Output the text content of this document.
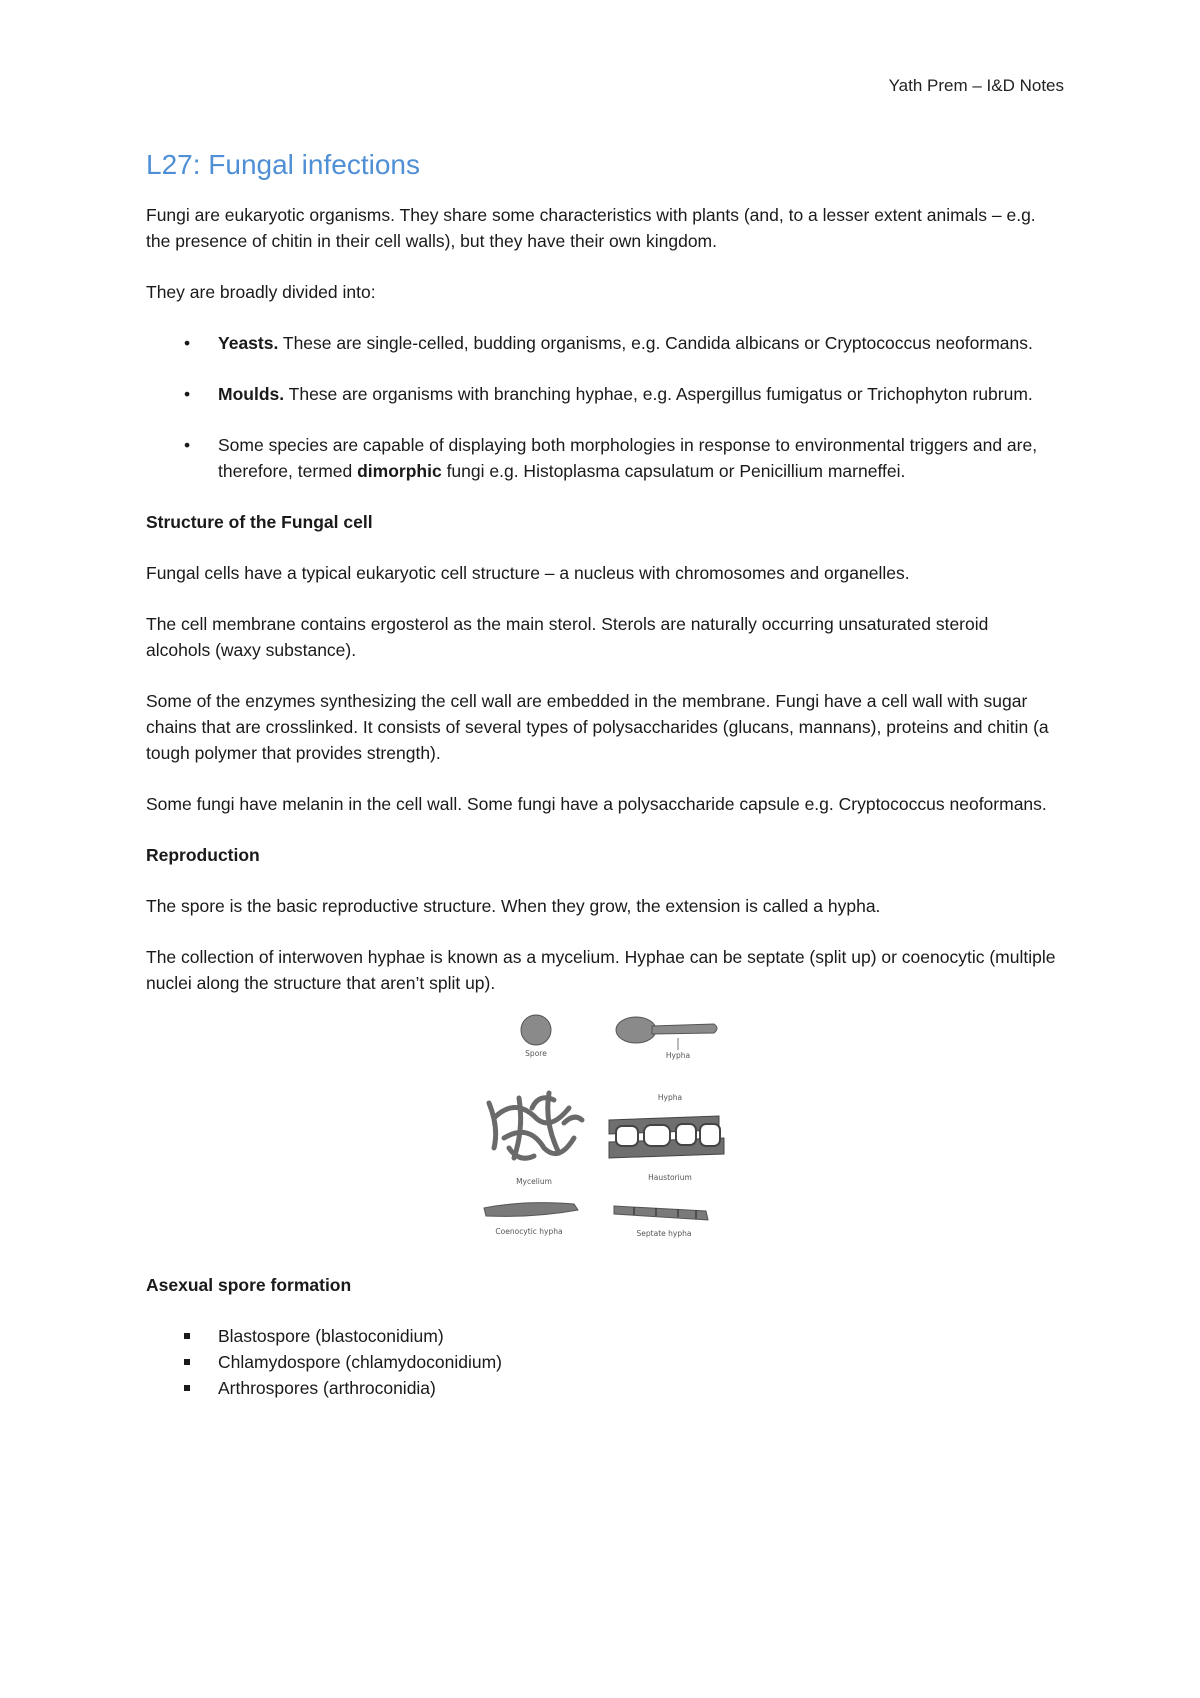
Yath Prem – I&D Notes
L27: Fungal infections

Fungi are eukaryotic organisms. They share some characteristics with plants (and, to a lesser extent animals – e.g. the presence of chitin in their cell walls), but they have their own kingdom.

They are broadly divided into:

• Yeasts. These are single-celled, budding organisms, e.g. Candida albicans or Cryptococcus neoformans.
• Moulds. These are organisms with branching hyphae, e.g. Aspergillus fumigatus or Trichophyton rubrum.
• Some species are capable of displaying both morphologies in response to environmental triggers and are, therefore, termed dimorphic fungi e.g. Histoplasma capsulatum or Penicillium marneffei.
Structure of the Fungal cell

Fungal cells have a typical eukaryotic cell structure – a nucleus with chromosomes and organelles.

The cell membrane contains ergosterol as the main sterol. Sterols are naturally occurring unsaturated steroid alcohols (waxy substance).

Some of the enzymes synthesizing the cell wall are embedded in the membrane. Fungi have a cell wall with sugar chains that are crosslinked. It consists of several types of polysaccharides (glucans, mannans), proteins and chitin (a tough polymer that provides strength).

Some fungi have melanin in the cell wall. Some fungi have a polysaccharide capsule e.g. Cryptococcus neoformans.

Reproduction

The spore is the basic reproductive structure. When they grow, the extension is called a hypha.

The collection of interwoven hyphae is known as a mycelium. Hyphae can be septate (split up) or coenocytic (multiple nuclei along the structure that aren’t split up).

Spore	Hypha
Mycelium
Hypha
Haustorium
Coenocytic hypha	Septate hypha
Asexual spore formation
Blastospore (blastoconidium)
Chlamydospore (chlamydoconidium)
Arthrospores (arthroconidia)
